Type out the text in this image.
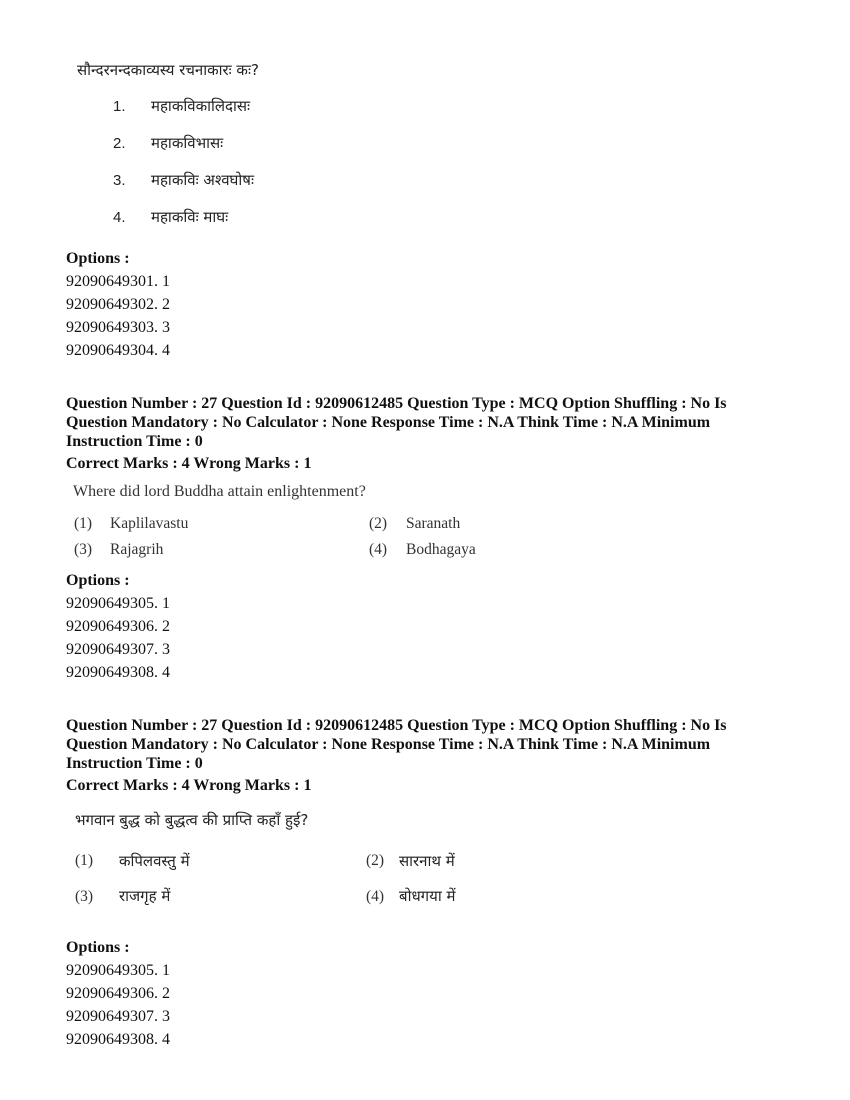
सौन्दरनन्दकाव्यस्य रचनाकारः कः?
1. महाकविकालिदासः
2. महाकविभासः
3. महाकविः अश्वघोषः
4. महाकविः माघः
Options :
92090649301. 1
92090649302. 2
92090649303. 3
92090649304. 4
Question Number : 27 Question Id : 92090612485 Question Type : MCQ Option Shuffling : No Is
Question Mandatory : No Calculator : None Response Time : N.A Think Time : N.A Minimum
Instruction Time : 0
Correct Marks : 4 Wrong Marks : 1
Where did lord Buddha attain enlightenment?
(1) Kaplilavastu	(2) Saranath
(3) Rajagrih	(4) Bodhagaya
Options :
92090649305. 1
92090649306. 2
92090649307. 3
92090649308. 4
Question Number : 27 Question Id : 92090612485 Question Type : MCQ Option Shuffling : No Is
Question Mandatory : No Calculator : None Response Time : N.A Think Time : N.A Minimum
Instruction Time : 0
Correct Marks : 4 Wrong Marks : 1
भगवान बुद्ध को बुद्धत्व की प्राप्ति कहाँ हुई?
(1) कपिलवस्तु में	(2) सारनाथ में
(3) राजगृह में	(4) बोधगया में
Options :
92090649305. 1
92090649306. 2
92090649307. 3
92090649308. 4
